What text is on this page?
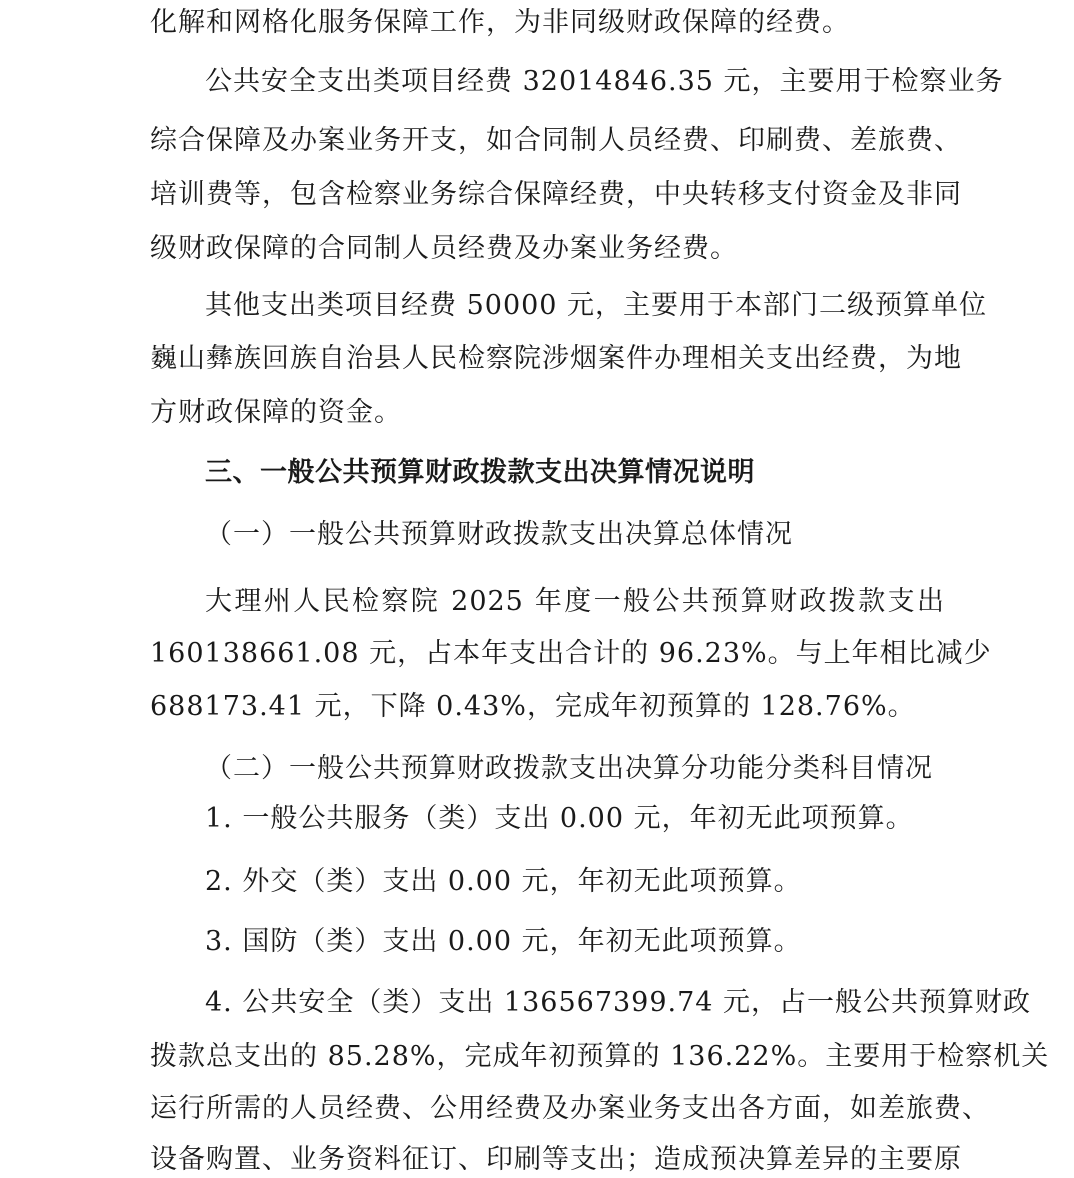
化解和网格化服务保障工作，为非同级财政保障的经费。
公共安全支出类项目经费 32014846.35 元，主要用于检察业务
综合保障及办案业务开支，如合同制人员经费、印刷费、差旅费、
培训费等，包含检察业务综合保障经费，中央转移支付资金及非同
级财政保障的合同制人员经费及办案业务经费。
其他支出类项目经费 50000 元，主要用于本部门二级预算单位
巍山彝族回族自治县人民检察院涉烟案件办理相关支出经费，为地
方财政保障的资金。
三、一般公共预算财政拨款支出决算情况说明
（一）一般公共预算财政拨款支出决算总体情况
大理州人民检察院 2025 年度一般公共预算财政拨款支出
160138661.08 元，占本年支出合计的 96.23%。与上年相比减少
688173.41 元，下降 0.43%，完成年初预算的 128.76%。
（二）一般公共预算财政拨款支出决算分功能分类科目情况
1. 一般公共服务（类）支出 0.00 元，年初无此项预算。
2. 外交（类）支出 0.00 元，年初无此项预算。
3. 国防（类）支出 0.00 元，年初无此项预算。
4. 公共安全（类）支出 136567399.74 元，占一般公共预算财政
拨款总支出的 85.28%，完成年初预算的 136.22%。主要用于检察机关
运行所需的人员经费、公用经费及办案业务支出各方面，如差旅费、
设备购置、业务资料征订、印刷等支出；造成预决算差异的主要原
